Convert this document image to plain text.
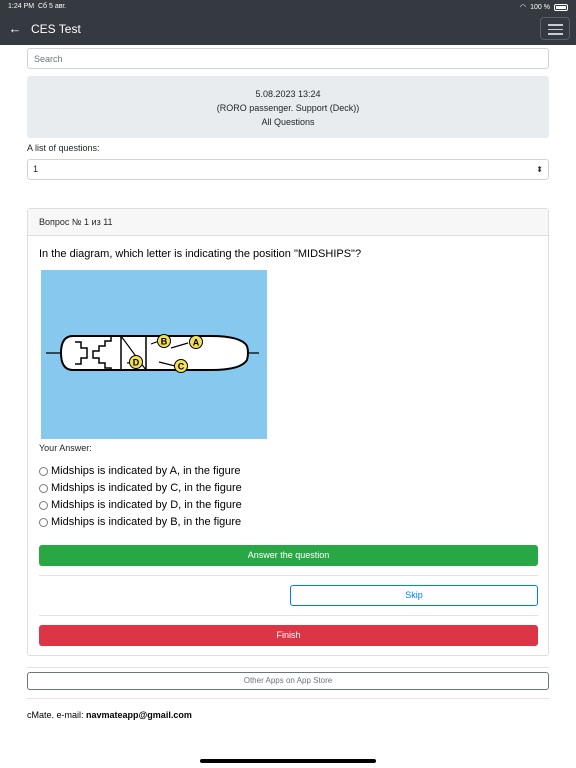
1:24 PM Сб 5 авг.	◠ 100 %
← CES Test
Search
5.08.2023 13:24
(RORO passenger. Support (Deck))
All Questions
A list of questions:
1	⬍
Вопрос № 1 из 11
In the diagram, which letter is indicating the position "MIDSHIPS"?
B	A
C
D
Your Answer:
Midships is indicated by A, in the figure
Midships is indicated by C, in the figure
Midships is indicated by D, in the figure
Midships is indicated by B, in the figure
Answer the question
Skip
Finish
Other Apps on App Store
cMate. e-mail: navmateapp@gmail.com
